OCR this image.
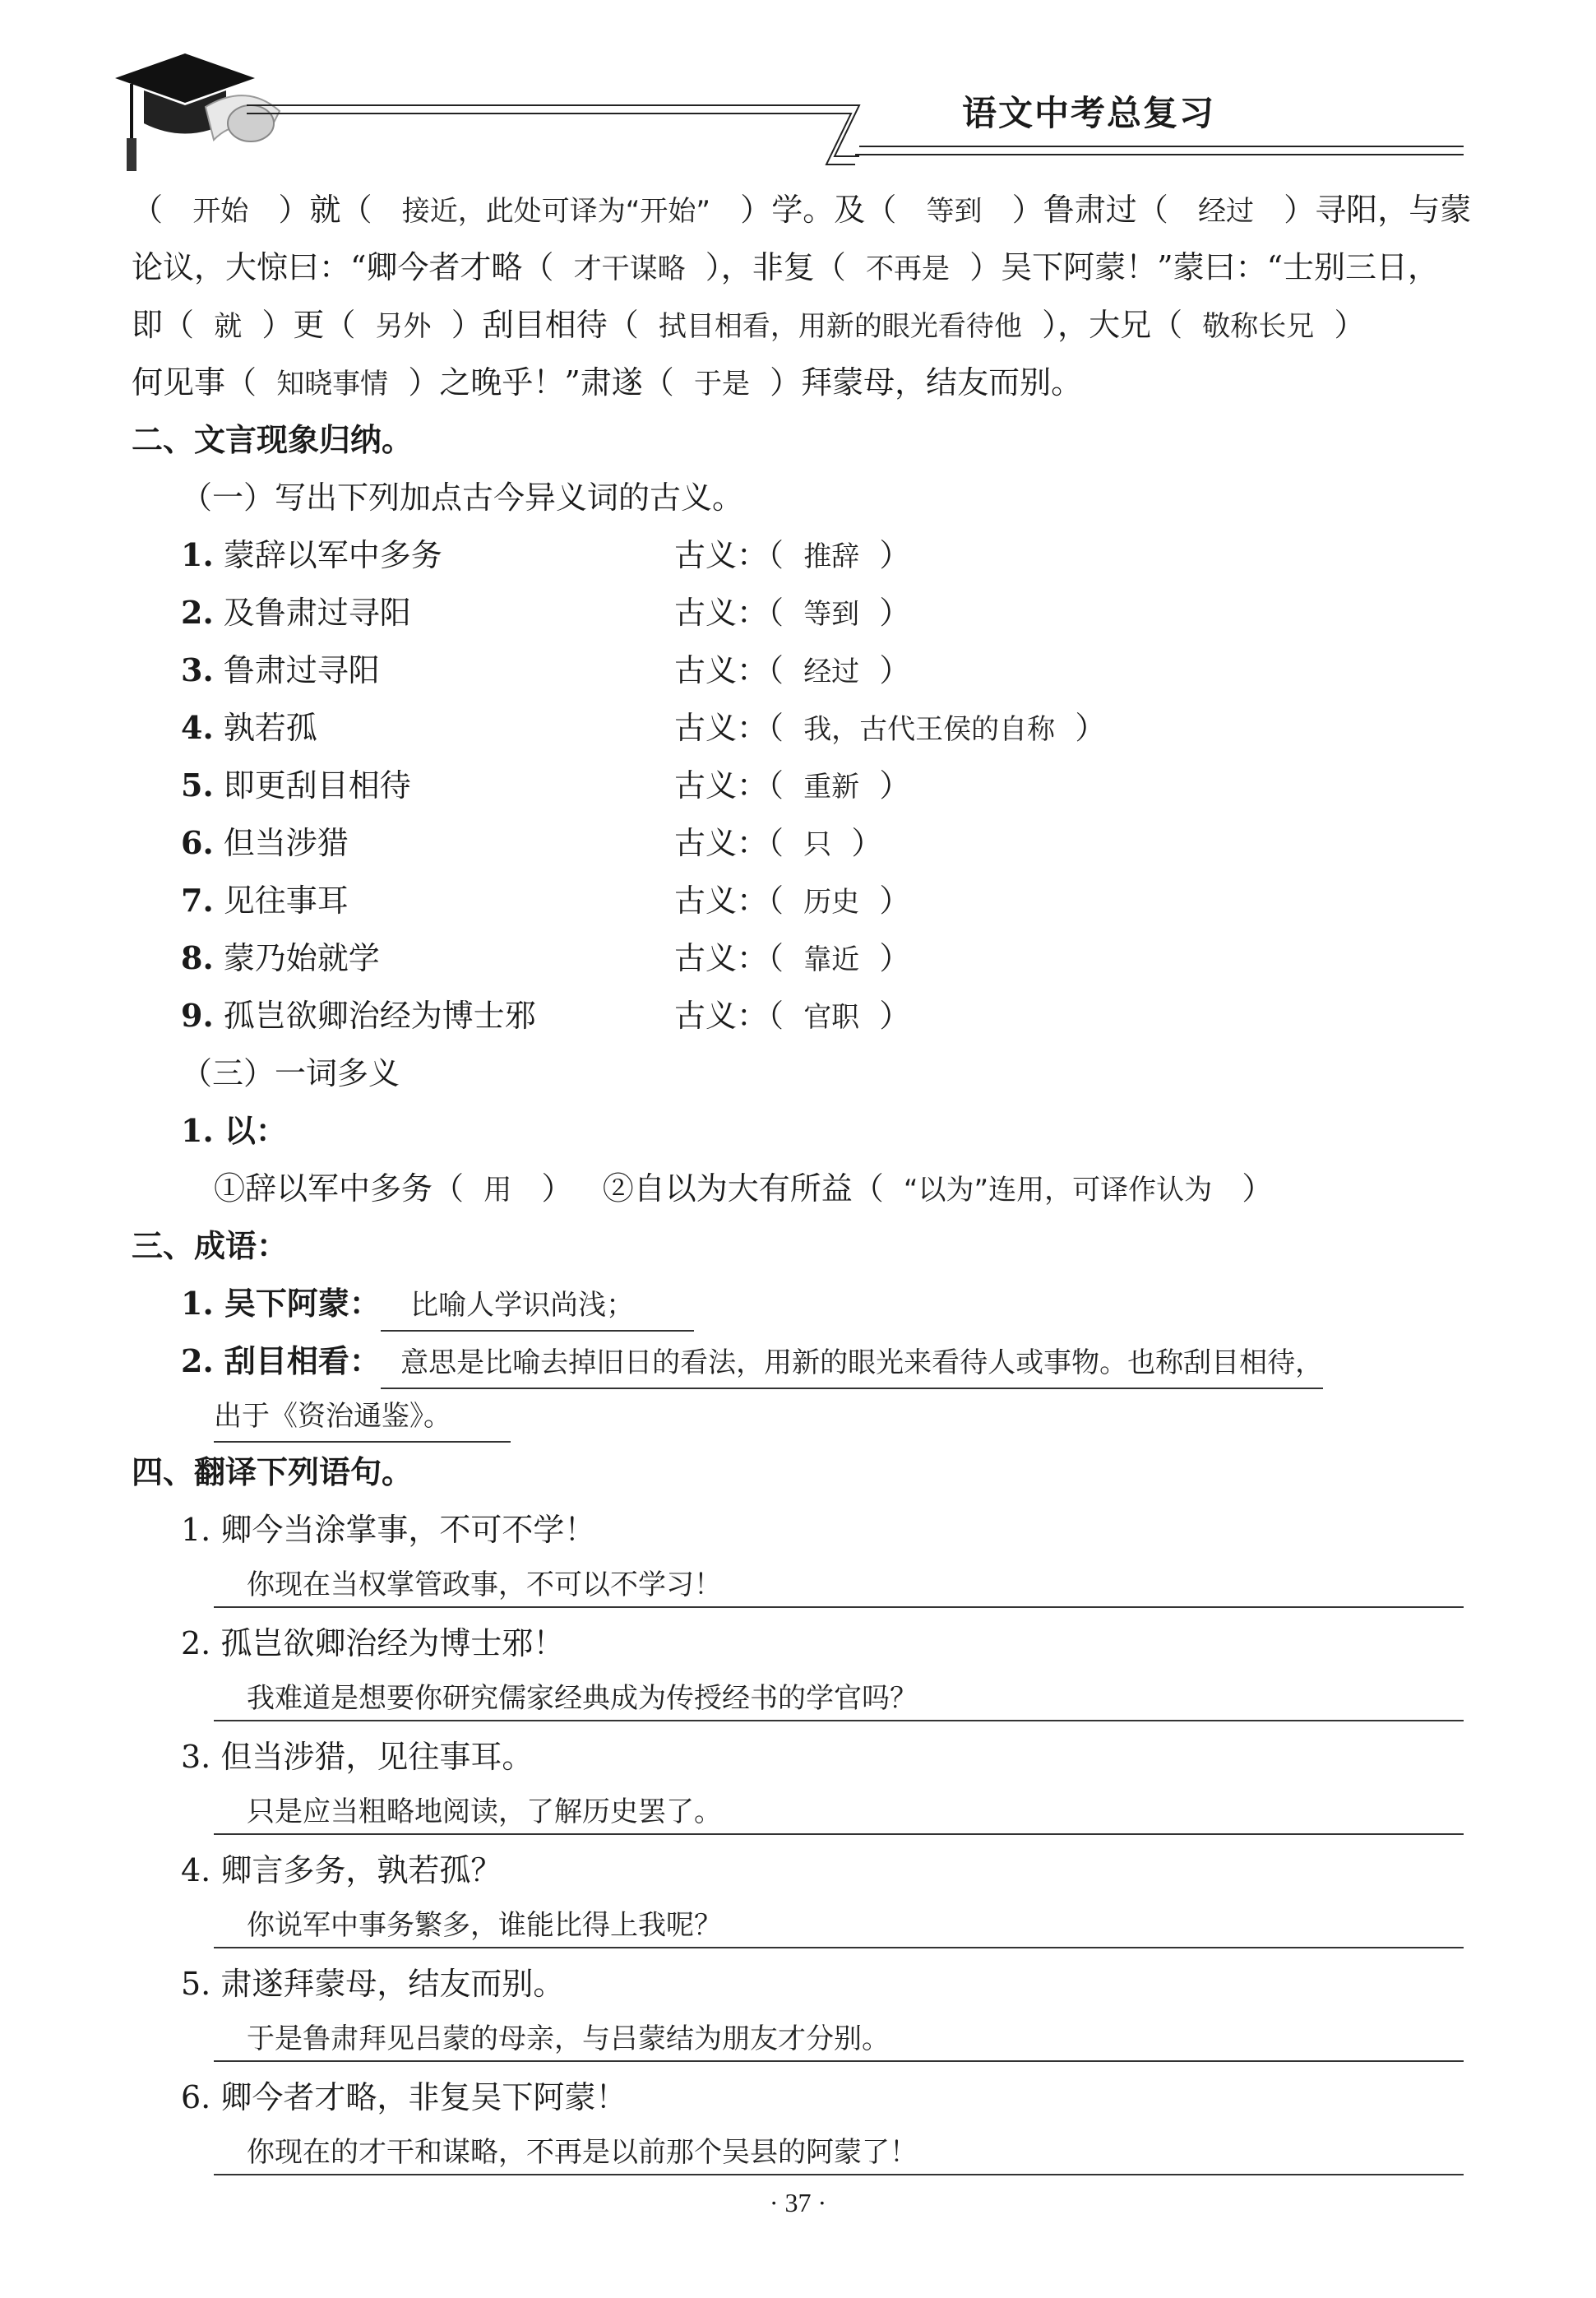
语文中考总复习
（ 开始 ）就（ 接近，此处可译为“开始” ）学。及（ 等到 ）鲁肃过（ 经过 ）寻阳，与蒙
论议，大惊曰：“卿今者才略（ 才干谋略 ），非复（ 不再是 ）吴下阿蒙！”蒙曰：“士别三日，
即（ 就 ）更（ 另外 ）刮目相待（ 拭目相看，用新的眼光看待他 ），大兄（ 敬称长兄 ）
何见事（ 知晓事情 ）之晚乎！”肃遂（ 于是 ）拜蒙母，结友而别。
二、文言现象归纳。
（一）写出下列加点古今异义词的古义。
1. 蒙辞以军中多务	古义：（ 推辞 ）
2. 及鲁肃过寻阳	古义：（ 等到 ）
3. 鲁肃过寻阳	古义：（ 经过 ）
4. 孰若孤	古义：（ 我，古代王侯的自称 ）
5. 即更刮目相待	古义：（ 重新 ）
6. 但当涉猎	古义：（ 只 ）
7. 见往事耳	古义：（ 历史 ）
8. 蒙乃始就学	古义：（ 靠近 ）
9. 孤岂欲卿治经为博士邪	古义：（ 官职 ）
（三）一词多义
1. 以：
①辞以军中多务（ 用 ） ②自以为大有所益（ “以为”连用，可译作认为 ）
三、成语：
1. 吴下阿蒙： 比喻人学识尚浅；
2. 刮目相看： 意思是比喻去掉旧日的看法，用新的眼光来看待人或事物。也称刮目相待，
出于《资治通鉴》。
四、翻译下列语句。
1. 卿今当涂掌事，不可不学！
你现在当权掌管政事，不可以不学习！
2. 孤岂欲卿治经为博士邪！
我难道是想要你研究儒家经典成为传授经书的学官吗？
3. 但当涉猎，见往事耳。
只是应当粗略地阅读，了解历史罢了。
4. 卿言多务，孰若孤？
你说军中事务繁多，谁能比得上我呢？
5. 肃遂拜蒙母，结友而别。
于是鲁肃拜见吕蒙的母亲，与吕蒙结为朋友才分别。
6. 卿今者才略，非复吴下阿蒙！
你现在的才干和谋略，不再是以前那个吴县的阿蒙了！
· 37 ·
